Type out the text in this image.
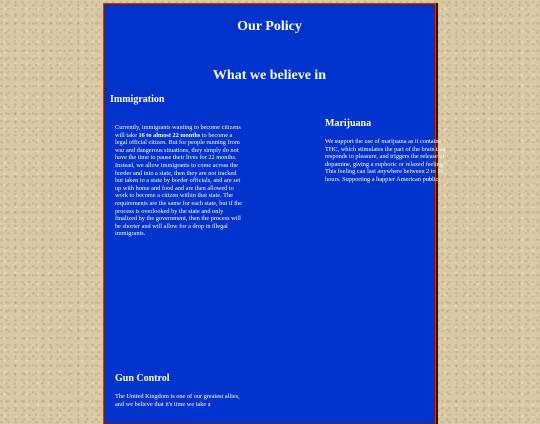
Our Policy
What we believe in
Immigration
Currently, immigrants wanting to become citizens will take 16 to almost 22 months to become a legal official citizen. But for people running from war and dangerous situations, they simply do not have the time to pause their lives for 22 months. Instead, we allow immigrants to come across the border and into a state, then they are not tracked but taken to a state by border officials, and are set up with home and food and are then allowed to work to become a citizen within that state. The requirements are the same for each state, but if the process is overlooked by the state and only finalized by the government, then the process will be shorter and will allow for a drop in illegal immigrants.
Marijuana
We support the use of marijuana as it contains THC, which stimulates the part of the brain that responds to pleasure, and triggers the release of dopamine, giving a euphoric or relaxed feeling. This feeling can last anywhere between 2 to 10 hours. Supporting a happier American public.
Gun Control
The United Kingdom is one of our greatest allies, and we believe that it's time we take a
